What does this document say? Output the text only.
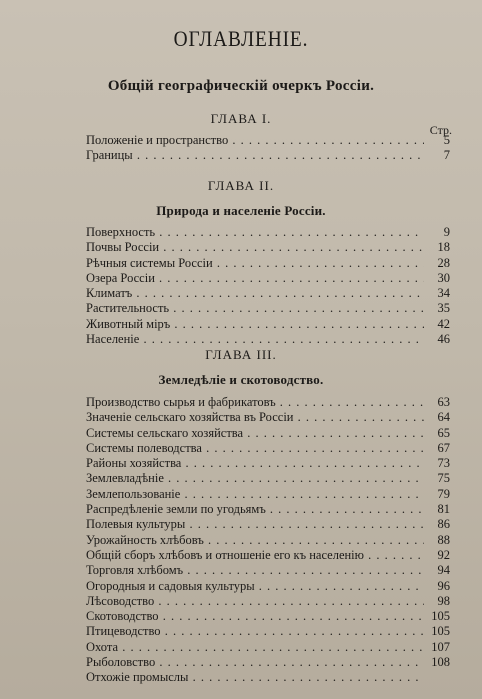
ОГЛАВЛЕНIЕ.
Общiй географическiй очеркъ Россiи.
ГЛАВА I.
Стр.
Положенiе и пространство . .	5
Границы . .	7
ГЛАВА II.
Природа и населенiе Россiи.
Поверхность . .	9
Почвы Россiи . .	18
Рѣчныя системы Россiи . .	28
Озера Россiи . .	30
Климатъ . .	34
Растительность . .	35
Животный мiръ . .	42
Населенiе . .	46
ГЛАВА III.
Земледѣлiе и скотоводство.
Производство сырья и фабрикатовъ . .	63
Значенiе сельскаго хозяйства въ Россiи . .	64
Системы сельскаго хозяйства . .	65
Системы полеводства . .	67
Районы хозяйства . .	73
Землевладѣнiе . .	75
Землепользованiе . .	79
Распредѣленiе земли по угодьямъ . .	81
Полевыя культуры . .	86
Урожайность хлѣбовъ . .	88
Общiй сборъ хлѣбовъ и отношенiе его къ населенiю . .	92
Торговля хлѣбомъ . .	94
Огородныя и садовыя культуры . .	96
Лѣсоводство . .	98
Скотоводство . .	105
Птицеводство . .	105
Охота . .	107
Рыболовство . .	108
Отхожiе промыслы . .
